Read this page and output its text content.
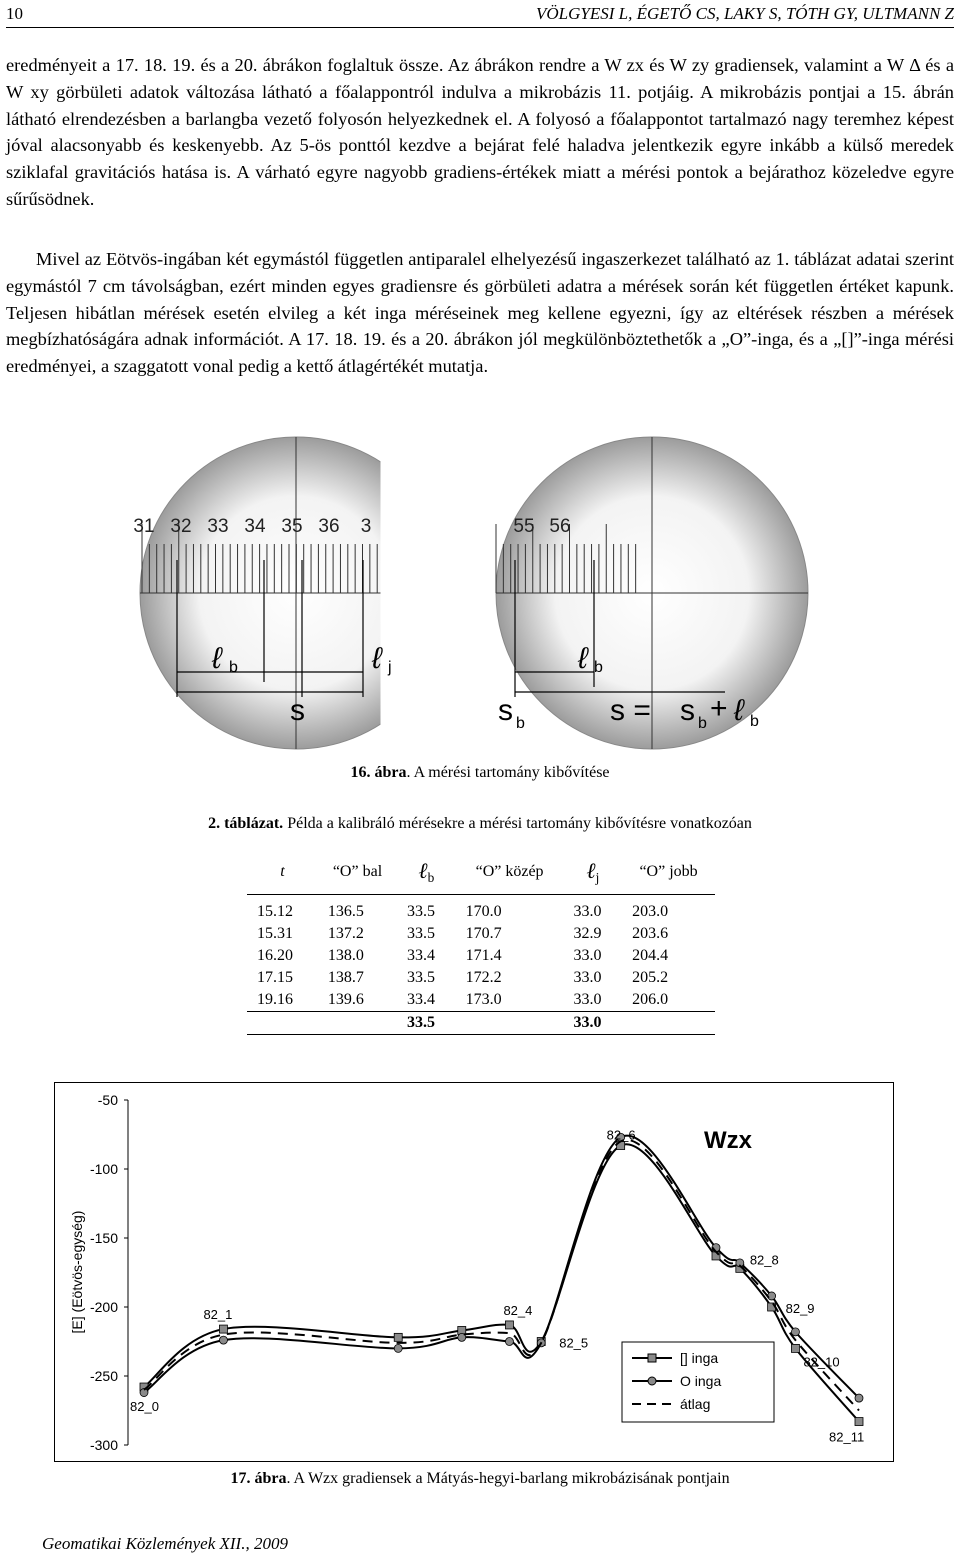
10	VÖLGYESI L, ÉGETŐ CS, LAKY S, TÓTH GY, ULTMANN Z

eredményeit a 17. 18. 19. és a 20. ábrákon foglaltuk össze. Az ábrákon rendre a W zx és W zy gradiensek, valamint a W Δ és a W xy görbületi adatok változása látható a főalappontról indulva a mikrobázis 11. potjáig. A mikrobázis pontjai a 15. ábrán látható elrendezésben a barlangba vezető folyosón helyezkednek el. A folyosó a főalappontot tartalmazó nagy teremhez képest jóval alacsonyabb és keskenyebb. Az 5-ös ponttól kezdve a bejárat felé haladva jelentkezik egyre inkább a külső meredek sziklafal gravitációs hatása is. A várható egyre nagyobb gradiens-értékek miatt a mérési pontok a bejárathoz közeledve egyre sűrűsödnek.

Mivel az Eötvös-ingában két egymástól független antiparalel elhelyezésű ingaszerkezet található az 1. táblázat adatai szerint egymástól 7 cm távolságban, ezért minden egyes gradiensre és görbületi adatra a mérések során két független értéket kapunk. Teljesen hibátlan mérések esetén elvileg a két inga méréseinek meg kellene egyezni, így az eltérések részben a mérések megbízhatóságára adnak információt. A 17. 18. 19. és a 20. ábrákon jól megkülönböztethetők a „O”-inga, és a „[]”-inga mérési eredményei, a szaggatott vonal pedig a kettő átlagértékét mutatja.

31 32 33 34 35 36 3	55 56
ℓ b	ℓ j	ℓ b
s	s b	s = s b + ℓ b
16. ábra. A mérési tartomány kibővítése
2. táblázat. Példa a kalibráló mérésekre a mérési tartomány kibővítésre vonatkozóan
t	“O” bal	ℓ$_b$	“O” közép	ℓ$_j$	“O” jobb
15.12	136.5	33.5	170.0	33.0	203.0
15.31	137.2	33.5	170.7	32.9	203.6
16.20	138.0	33.4	171.4	33.0	204.4
17.15	138.7	33.5	172.2	33.0	205.2
19.16	139.6	33.4	173.0	33.0	206.0
		33.5		33.0	
-50
-100
-150
-200
-250
-300
[E] (Eötvös-egység)
Wzx
82_0
82_1	82_4
82_5
82_6
82_8
82_9
82_10
82_11
[] inga
O inga
átlag
17. ábra. A Wzx gradiensek a Mátyás-hegyi-barlang mikrobázisának pontjain
Geomatikai Közlemények XII., 2009
